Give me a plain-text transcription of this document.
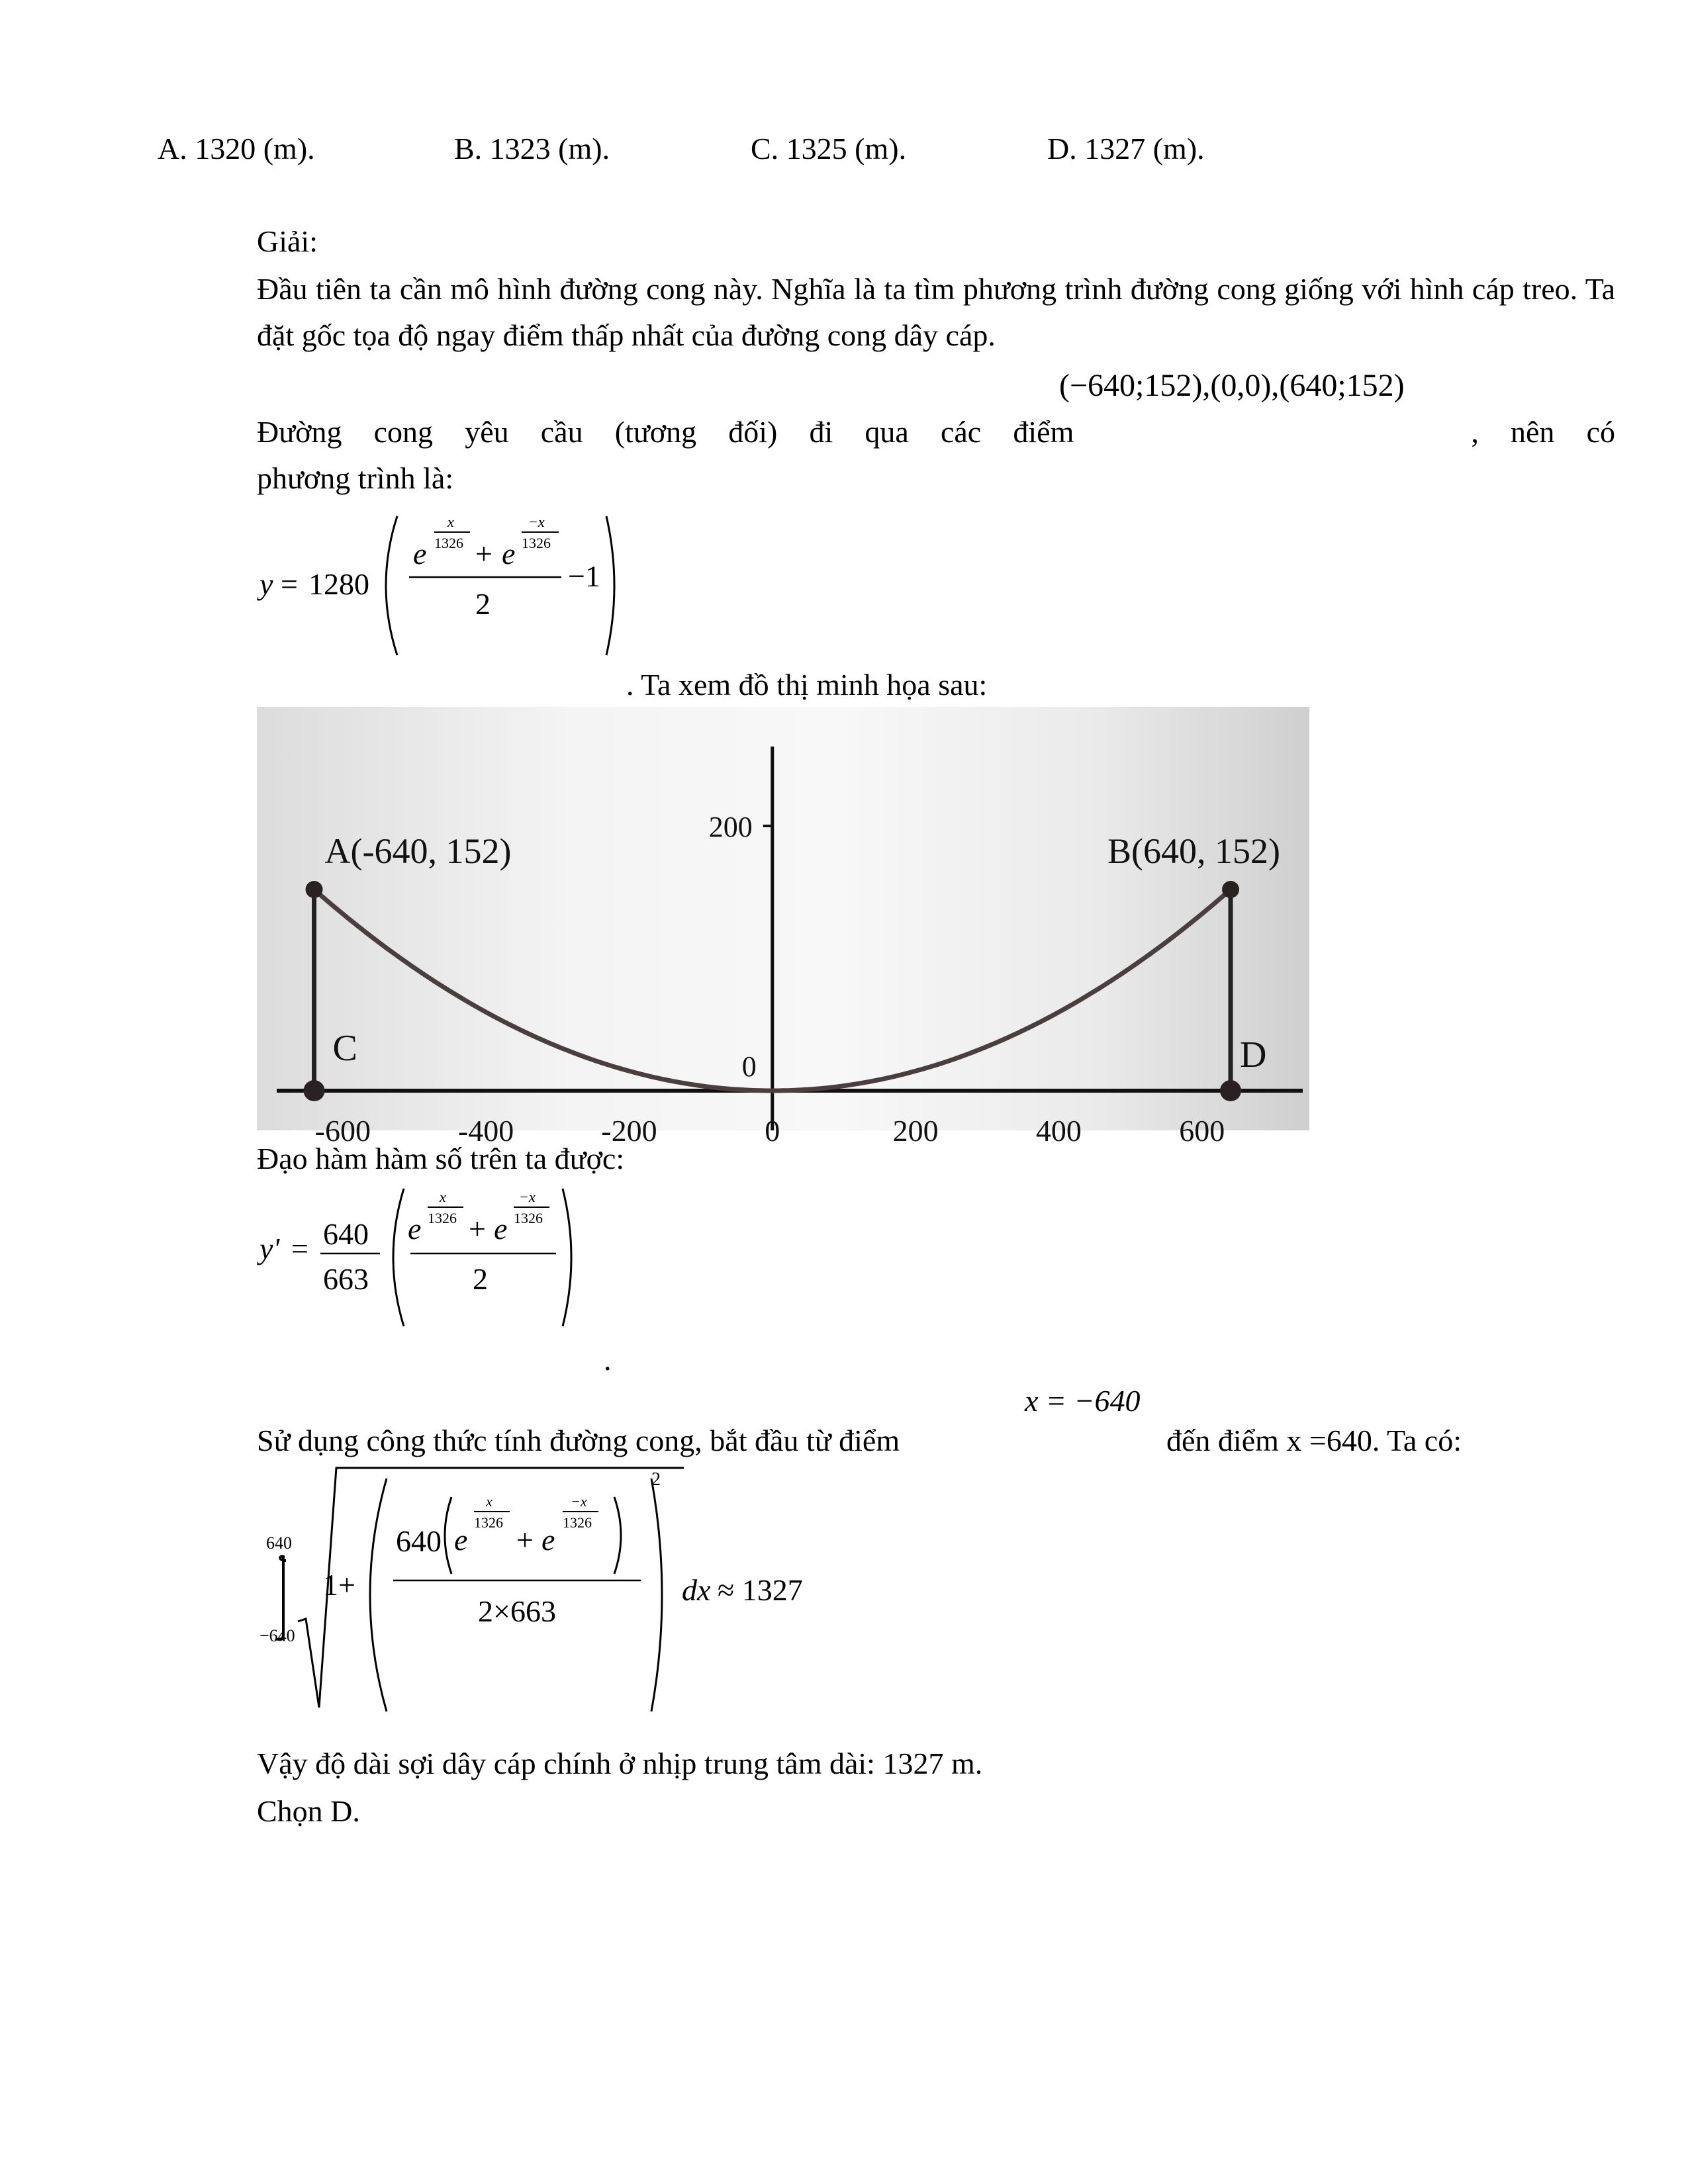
A. 1320 (m).	B. 1323 (m).	C. 1325 (m).	D. 1327 (m).
Giải:
Đầu tiên ta cần mô hình đường cong này. Nghĩa là ta tìm phương trình đường cong giống với hình cáp treo. Ta đặt gốc tọa độ ngay điểm thấp nhất của đường cong dây cáp.
(−640;152),(0,0),(640;152)
Đường cong yêu cầu (tương đối) đi qua các điểm	, nên có
phương trình là:
y = 1280
x
1326
e + e
−x
1326
2
−1
. Ta xem đồ thị minh họa sau:
200
0
-600	-400	-200	0	200	400	600
A(-640, 152)	B(640, 152)
C	D
Đạo hàm hàm số trên ta được:
y' = 640
663
x
1326
e + e
−x
1326
2
.
x = −640
Sử dụng công thức tính đường cong, bắt đầu từ điểm	đến điểm x =640. Ta có:
640
−640
1+
640
x
1326
e + e
−x
1326
2×663
2
dx ≈ 1327
Vậy độ dài sợi dây cáp chính ở nhịp trung tâm dài: 1327 m.
Chọn D.
